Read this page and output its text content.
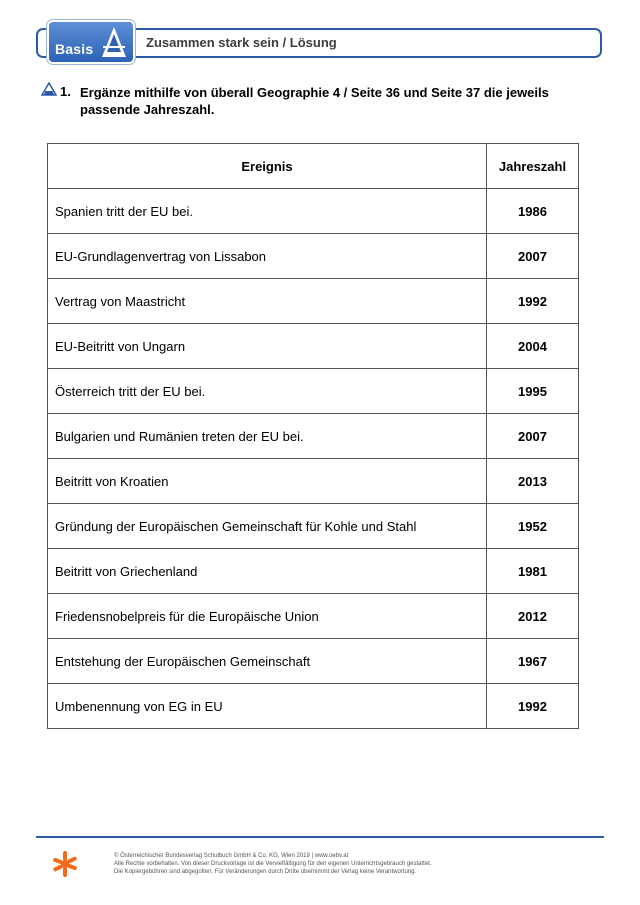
Basis	Zusammen stark sein / Lösung
1. Ergänze mithilfe von überall Geographie 4 / Seite 36 und Seite 37 die jeweils passende Jahreszahl.
Ereignis	Jahreszahl
Spanien tritt der EU bei.	1986
EU-Grundlagenvertrag von Lissabon	2007
Vertrag von Maastricht	1992
EU-Beitritt von Ungarn	2004
Österreich tritt der EU bei.	1995
Bulgarien und Rumänien treten der EU bei.	2007
Beitritt von Kroatien	2013
Gründung der Europäischen Gemeinschaft für Kohle und Stahl	1952
Beitritt von Griechenland	1981
Friedensnobelpreis für die Europäische Union	2012
Entstehung der Europäischen Gemeinschaft	1967
Umbenennung von EG in EU	1992
© Österreichischer Bundesverlag Schulbuch GmbH & Co. KG, Wien 2019 | www.oebv.at
Alle Rechte vorbehalten. Von dieser Druckvorlage ist die Vervielfältigung für den eigenen Unterrichtsgebrauch gestattet.
Die Kopiergebühren sind abgegolten. Für Veränderungen durch Dritte übernimmt der Verlag keine Verantwortung.
